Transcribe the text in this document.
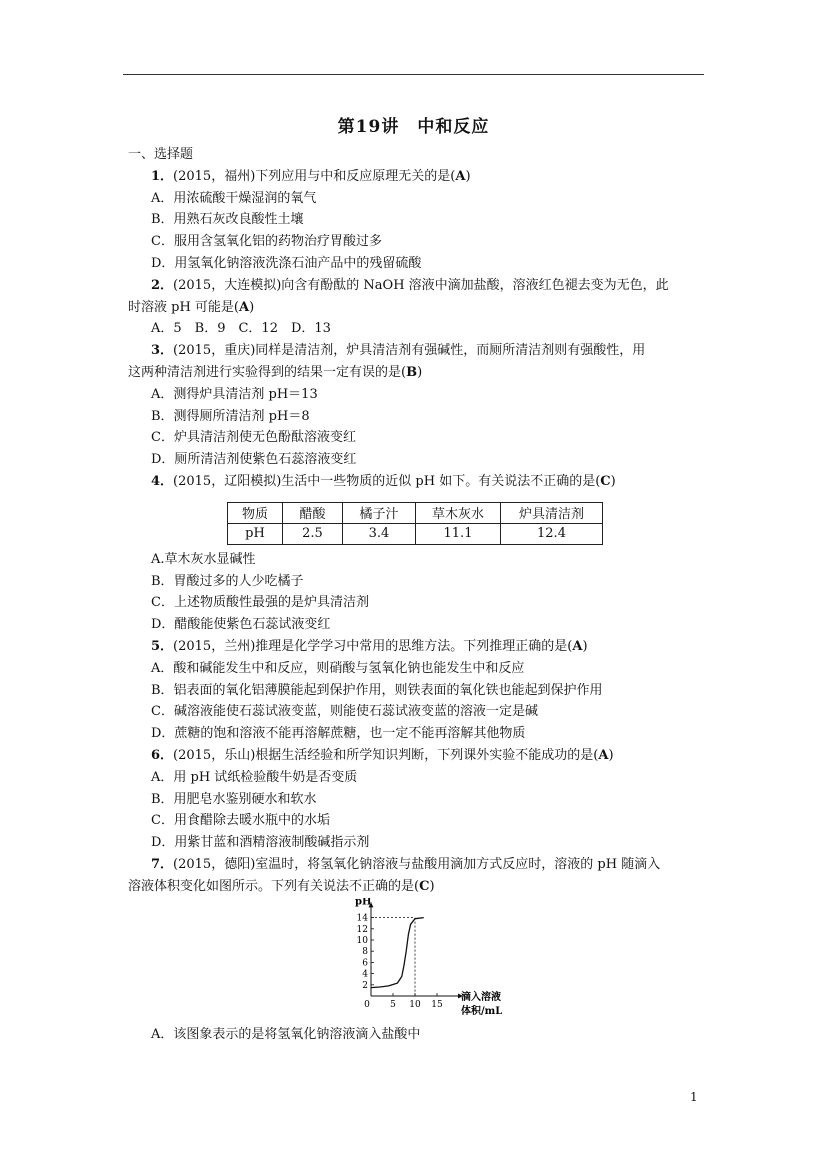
第19讲　中和反应
一、选择题
1．(2015，福州)下列应用与中和反应原理无关的是(A)
A．用浓硫酸干燥湿润的氧气
B．用熟石灰改良酸性土壤
C．服用含氢氧化铝的药物治疗胃酸过多
D．用氢氧化钠溶液洗涤石油产品中的残留硫酸
2．(2015，大连模拟)向含有酚酞的 NaOH 溶液中滴加盐酸，溶液红色褪去变为无色，此
时溶液 pH 可能是(A)
A．5　B．9　C．12　D．13
3．(2015，重庆)同样是清洁剂，炉具清洁剂有强碱性，而厕所清洁剂则有强酸性，用
这两种清洁剂进行实验得到的结果一定有误的是(B)
A．测得炉具清洁剂 pH＝13
B．测得厕所清洁剂 pH＝8
C．炉具清洁剂使无色酚酞溶液变红
D．厕所清洁剂使紫色石蕊溶液变红
4．(2015，辽阳模拟)生活中一些物质的近似 pH 如下。有关说法不正确的是(C)
物质	醋酸	橘子汁	草木灰水	炉具清洁剂
pH	2.5	3.4	11.1	12.4
A.草木灰水显碱性
B．胃酸过多的人少吃橘子
C．上述物质酸性最强的是炉具清洁剂
D．醋酸能使紫色石蕊试液变红
5．(2015，兰州)推理是化学学习中常用的思维方法。下列推理正确的是(A)
A．酸和碱能发生中和反应，则硝酸与氢氧化钠也能发生中和反应
B．铝表面的氧化铝薄膜能起到保护作用，则铁表面的氧化铁也能起到保护作用
C．碱溶液能使石蕊试液变蓝，则能使石蕊试液变蓝的溶液一定是碱
D．蔗糖的饱和溶液不能再溶解蔗糖，也一定不能再溶解其他物质
6．(2015，乐山)根据生活经验和所学知识判断，下列课外实验不能成功的是(A)
A．用 pH 试纸检验酸牛奶是否变质
B．用肥皂水鉴别硬水和软水
C．用食醋除去暖水瓶中的水垢
D．用紫甘蓝和酒精溶液制酸碱指示剂
7．(2015，德阳)室温时，将氢氧化钠溶液与盐酸用滴加方式反应时，溶液的 pH 随滴入
溶液体积变化如图所示。下列有关说法不正确的是(C)
2
4
6
8
10
12
14
0 5 10 15
pH
滴入溶液
体积/mL
A．该图象表示的是将氢氧化钠溶液滴入盐酸中
1
